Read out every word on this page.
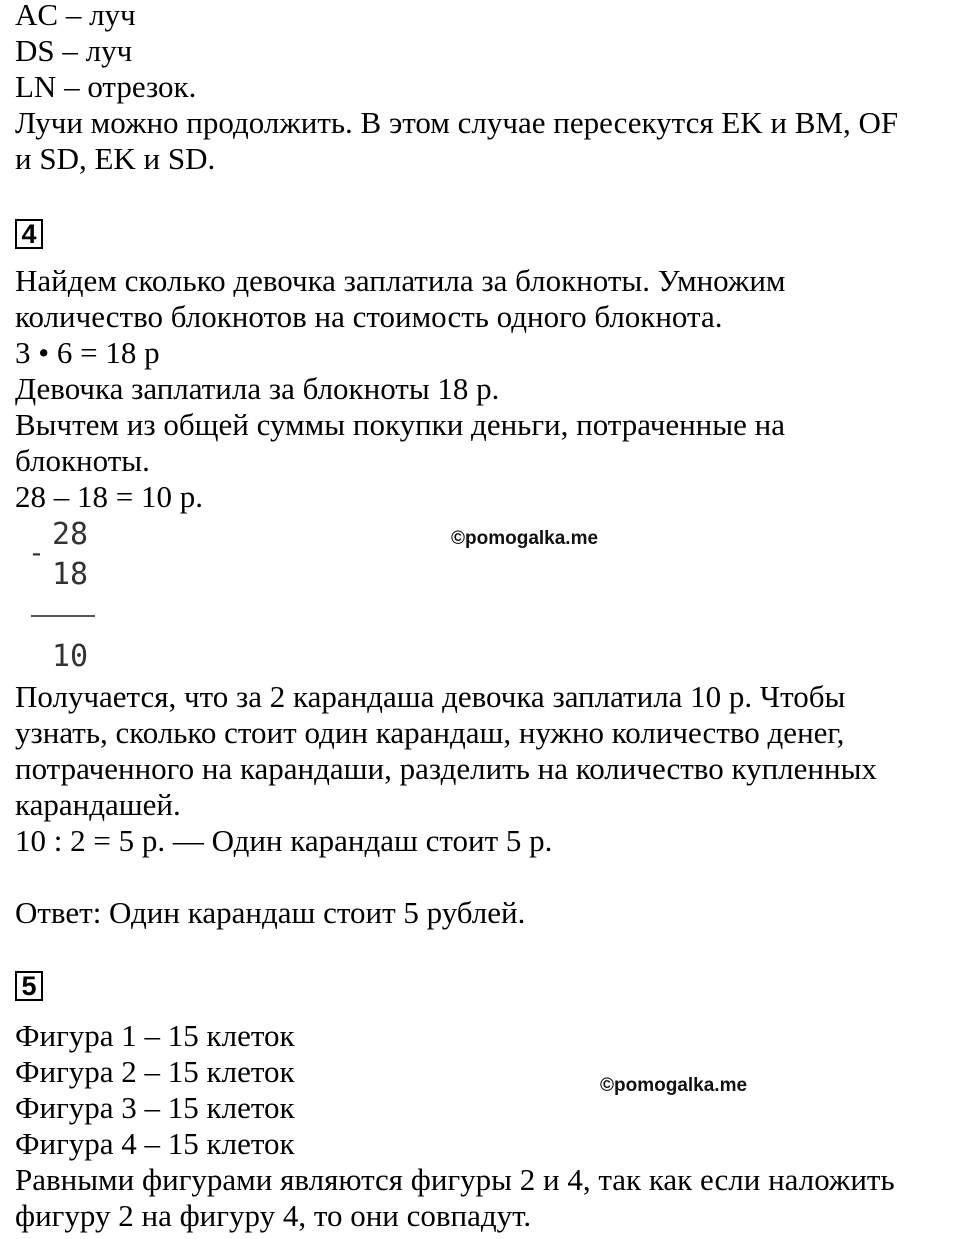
AC – луч
DS – луч
LN – отрезок.
Лучи можно продолжить. В этом случае пересекутся EK и BM, OF
и SD, EK и SD.
4
Найдем сколько девочка заплатила за блокноты. Умножим
количество блокнотов на стоимость одного блокнота.
3 • 6 = 18 р
Девочка заплатила за блокноты 18 р.
Вычтем из общей суммы покупки деньги, потраченные на
блокноты.
28 – 18 = 10 р.
-
28
18
10
©pomogalka.me
Получается, что за 2 карандаша девочка заплатила 10 р. Чтобы
узнать, сколько стоит один карандаш, нужно количество денег,
потраченного на карандаши, разделить на количество купленных
карандашей.
10 : 2 = 5 р. — Один карандаш стоит 5 р.
Ответ: Один карандаш стоит 5 рублей.
5
Фигура 1 – 15 клеток
Фигура 2 – 15 клеток
Фигура 3 – 15 клеток
Фигура 4 – 15 клеток
Равными фигурами являются фигуры 2 и 4, так как если наложить
фигуру 2 на фигуру 4, то они совпадут.
©pomogalka.me
